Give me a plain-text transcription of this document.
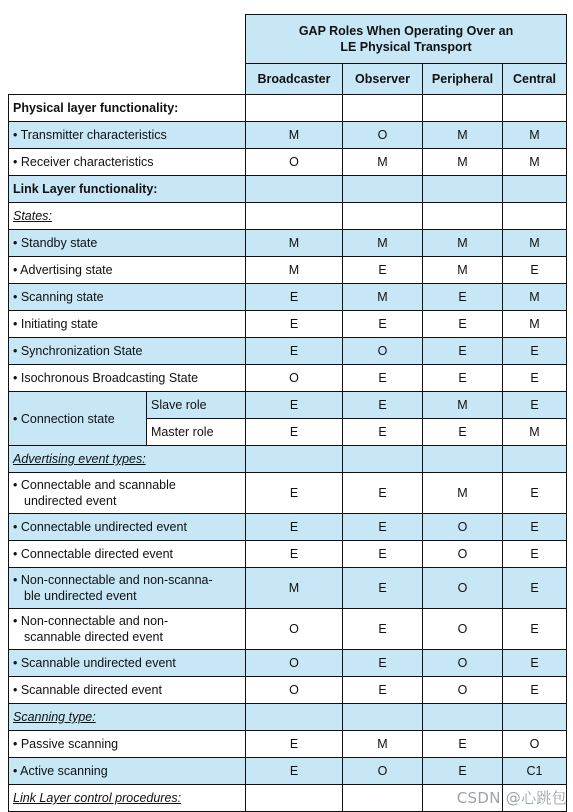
		GAP Roles When Operating Over an
LE Physical Transport			
		Broadcaster	Observer	Peripheral	Central
Physical layer functionality:					
• Transmitter characteristics		M	O	M	M
• Receiver characteristics		O	M	M	M
Link Layer functionality:					
States:					
• Standby state		M	M	M	M
• Advertising state		M	E	M	E
• Scanning state		E	M	E	M
• Initiating state		E	E	E	M
• Synchronization State		E	O	E	E
• Isochronous Broadcasting State		O	E	E	E
• Connection state	Slave role	E	E	M	E
	Master role	E	E	E	M
Advertising event types:					
• Connectable and scannable
undirected event		E	E	M	E
• Connectable undirected event		E	E	O	E
• Connectable directed event		E	E	O	E
• Non-connectable and non-scanna-
ble undirected event		M	E	O	E
• Non-connectable and non-
scannable directed event		O	E	O	E
• Scannable undirected event		O	E	O	E
• Scannable directed event		O	E	O	E
Scanning type:					
• Passive scanning		E	M	E	O
• Active scanning		E	O	E	C1
Link Layer control procedures:						CSDN @心跳包
